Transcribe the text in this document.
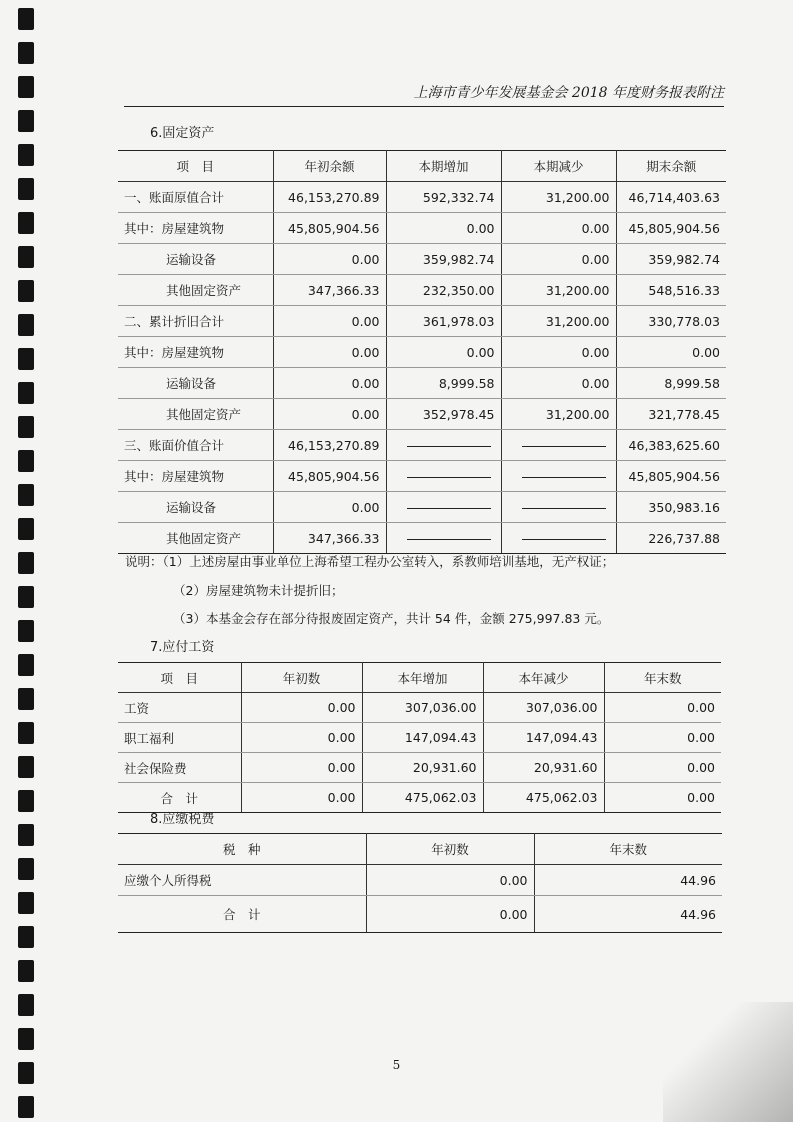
上海市青少年发展基金会 2018 年度财务报表附注
6.固定资产
项　目	年初余额	本期增加	本期减少	期末余额
一、账面原值合计	46,153,270.89	592,332.74	31,200.00	46,714,403.63
其中：房屋建筑物	45,805,904.56	0.00	0.00	45,805,904.56
运输设备	0.00	359,982.74	0.00	359,982.74
其他固定资产	347,366.33	232,350.00	31,200.00	548,516.33
二、累计折旧合计	0.00	361,978.03	31,200.00	330,778.03
其中：房屋建筑物	0.00	0.00	0.00	0.00
运输设备	0.00	8,999.58	0.00	8,999.58
其他固定资产	0.00	352,978.45	31,200.00	321,778.45
三、账面价值合计	46,153,270.89			46,383,625.60
其中：房屋建筑物	45,805,904.56			45,805,904.56
运输设备	0.00			350,983.16
其他固定资产	347,366.33			226,737.88
说明：（1）上述房屋由事业单位上海希望工程办公室转入，系教师培训基地，无产权证；
（2）房屋建筑物未计提折旧；
（3）本基金会存在部分待报废固定资产，共计 54 件，金额 275,997.83 元。
7.应付工资
项　目	年初数	本年增加	本年减少	年末数
工资	0.00	307,036.00	307,036.00	0.00
职工福利	0.00	147,094.43	147,094.43	0.00
社会保险费	0.00	20,931.60	20,931.60	0.00
合　计	0.00	475,062.03	475,062.03	0.00
8.应缴税费
税　种	年初数	年末数
应缴个人所得税	0.00	44.96
合　计	0.00	44.96
5
